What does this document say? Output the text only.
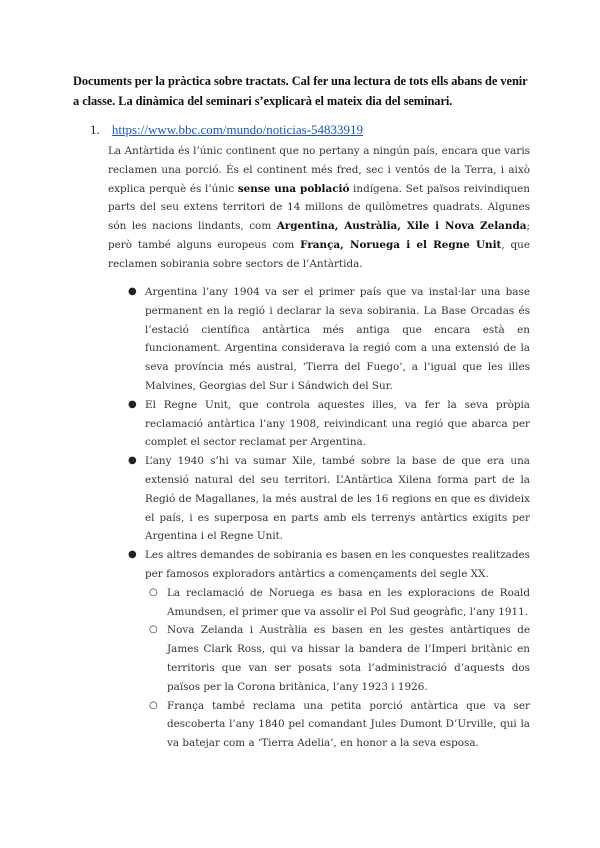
Documents per la pràctica sobre tractats. Cal fer una lectura de tots ells abans de venir a classe. La dinàmica del seminari s’explicarà el mateix dia del seminari.
1. https://www.bbc.com/mundo/noticias-54833919
La Antàrtida és l’únic continent que no pertany a ningún país, encara que varis reclamen una porció. És el continent més fred, sec i ventós de la Terra, i això explica perquè és l’únic sense una població indígena. Set països reivindiquen parts del seu extens territori de 14 millons de quilòmetres quadrats. Algunes són les nacions lindants, com Argentina, Austràlia, Xile i Nova Zelanda; però també alguns europeus com França, Noruega i el Regne Unit, que reclamen sobirania sobre sectors de l’Antàrtida.
● Argentina l’any 1904 va ser el primer país que va instal·lar una base permanent en la regió i declarar la seva sobirania. La Base Orcadas és l’estació científica antàrtica més antiga que encara està en funcionament. Argentina considerava la regió com a una extensió de la seva província més austral, ‘Tierra del Fuego’, a l’igual que les illes Malvines, Georgias del Sur i Sándwich del Sur.
● El Regne Unit, que controla aquestes illes, va fer la seva pròpia reclamació antàrtica l’any 1908, reivindicant una regió que abarca per complet el sector reclamat per Argentina.
● L’any 1940 s’hi va sumar Xile, també sobre la base de que era una extensió natural del seu territori. L’Antàrtica Xilena forma part de la Regió de Magallanes, la més austral de les 16 regions en que es divideix el país, i es superposa en parts amb els terrenys antàrtics exigits per Argentina i el Regne Unit.
● Les altres demandes de sobirania es basen en les conquestes realitzades per famosos exploradors antàrtics a començaments del segle XX.
○ La reclamació de Noruega es basa en les exploracions de Roald Amundsen, el primer que va assolir el Pol Sud geogràfic, l’any 1911.
○ Nova Zelanda i Austràlia es basen en les gestes antàrtiques de James Clark Ross, qui va hissar la bandera de l’Imperi britànic en territoris que van ser posats sota l’administració d’aquests dos països per la Corona britànica, l’any 1923 i 1926.
○ França també reclama una petita porció antàrtica que va ser descoberta l’any 1840 pel comandant Jules Dumont D’Urville, qui la va batejar com a ‘Tierra Adelia’, en honor a la seva esposa.
